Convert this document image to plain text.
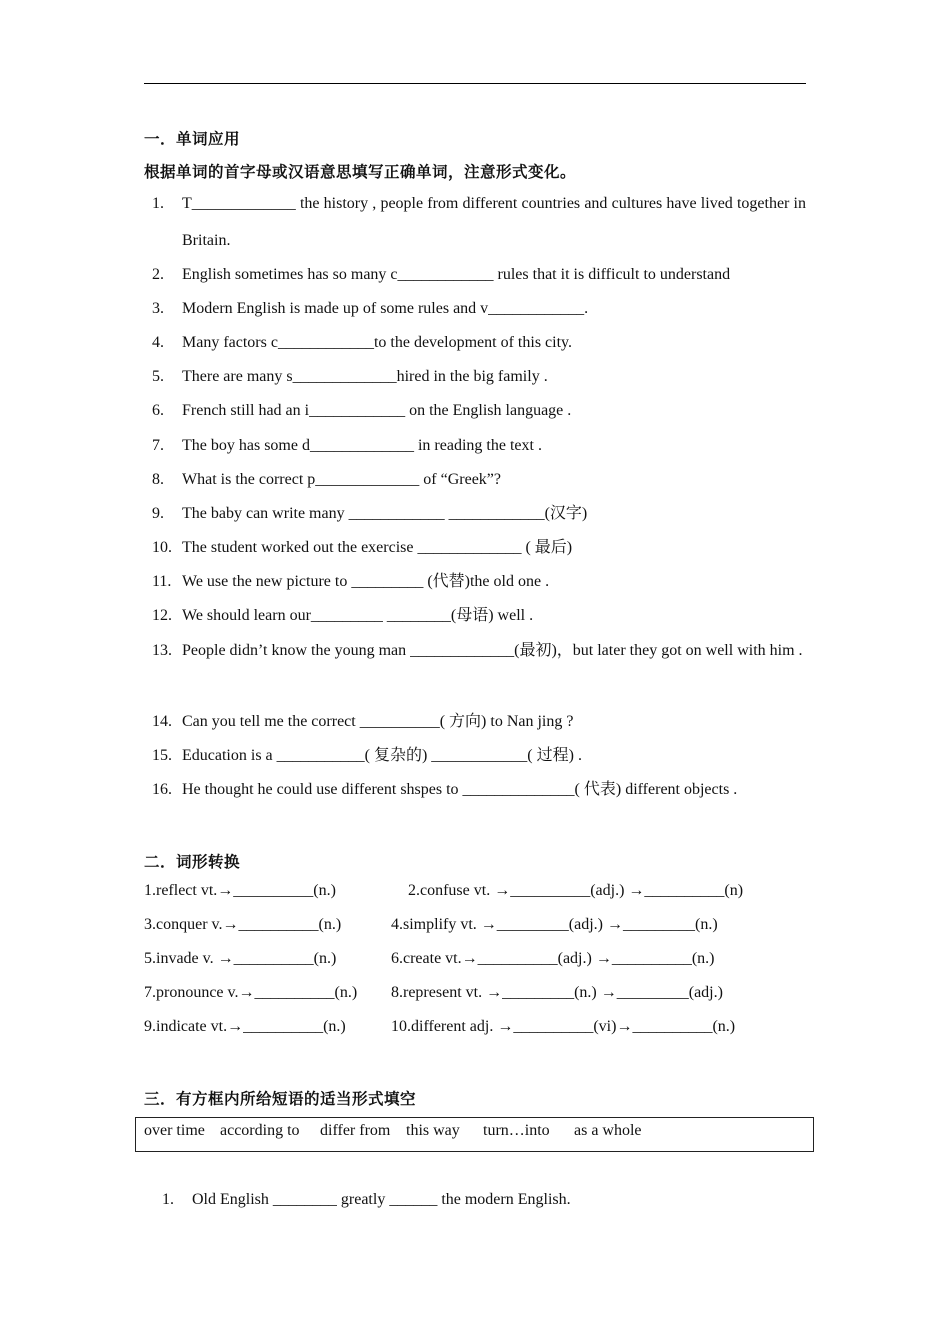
一．单词应用
根据单词的首字母或汉语意思填写正确单词，注意形式变化。
1.	T_____________ the history , people from different countries and cultures have lived together in Britain.
2.	English sometimes has so many c____________ rules that it is difficult to understand
3.	Modern English is made up of some rules and v____________.
4.	Many factors c____________to the development of this city.
5.	There are many s_____________hired in the big family .
6.	French still had an i____________ on the English language .
7.	The boy has some d_____________ in reading the text .
8.	What is the correct p_____________ of “Greek”?
9.	The baby can write many ____________ ____________(汉字)
10. The student worked out the exercise _____________ ( 最后)
11. We use the new picture to _________ (代替)the old one .
12. We should learn our_________ ________(母语) well .
13. People didn’t know the young man _____________(最初)，but later they got on well with him .
14. Can you tell me the correct __________( 方向) to Nan jing ?
15. Education is a ___________( 复杂的) ____________( 过程) .
16. He thought he could use different shspes to ______________( 代表) different objects .
二．词形转换
1.reflect vt.→__________(n.)	2.confuse vt. →__________(adj.) →__________(n)
3.conquer v.→__________(n.)	4.simplify vt. →_________(adj.) →_________(n.)
5.invade v. →__________(n.)	6.create vt.→__________(adj.) →__________(n.)
7.pronounce v.→__________(n.) 8.represent vt. →_________(n.) →_________(adj.)
9.indicate vt.→__________(n.)	10.different adj. →__________(vi)→__________(n.)
三．有方框内所给短语的适当形式填空
over time according to differ from this way turn…into as a whole
1.	Old English ________ greatly ______ the modern English.
